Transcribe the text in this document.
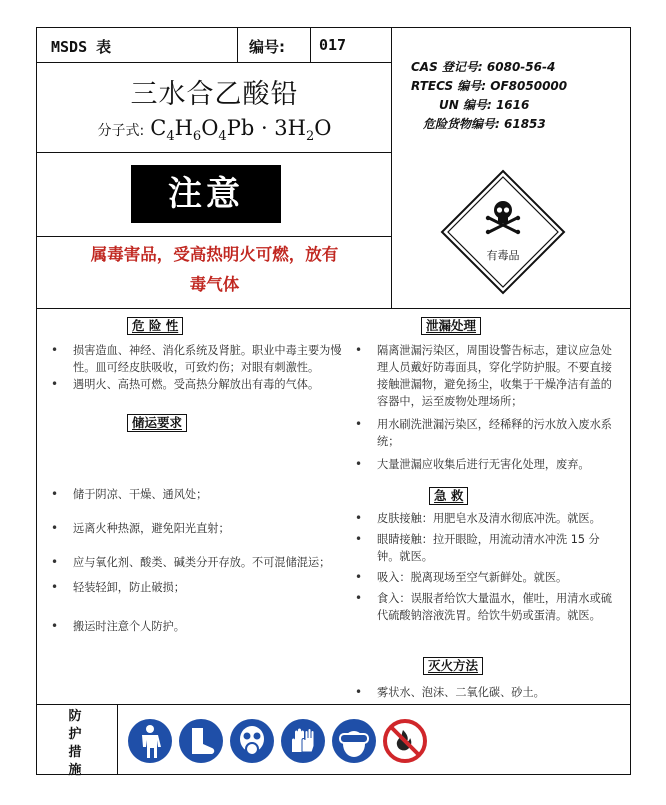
MSDS 表	编号: 017
三水合乙酸铅
分子式: $C_4H_6O_4Pb \cdot 3H_2O$
CAS 登记号: 6080-56-4
RTECS 编号: OF8050000
UN 编号: 1616
危险货物编号: 61853
注意
属毒害品，受高热明火可燃，放有
毒气体
有毒品
危 险 性
• 损害造血、神经、消化系统及肾脏。职业中毒主要为慢性。皿可经皮肤吸收，可致灼伤；对眼有刺激性。
• 遇明火、高热可燃。受高热分解放出有毒的气体。
储运要求
• 储于阴凉、干燥、通风处；
• 远离火种热源，避免阳光直射；
• 应与氧化剂、酸类、碱类分开存放。不可混储混运；
• 轻装轻卸，防止破损；
• 搬运时注意个人防护。
泄漏处理
• 隔离泄漏污染区，周围设警告标志，建议应急处理人员戴好防毒面具，穿化学防护服。不要直接接触泄漏物，避免扬尘，收集于干燥净洁有盖的容器中，运至废物处理场所；
• 用水刷洗泄漏污染区，经稀释的污水放入废水系统；
• 大量泄漏应收集后进行无害化处理，废弃。
急 救
• 皮肤接触：用肥皂水及清水彻底冲洗。就医。
• 眼睛接触：拉开眼睑，用流动清水冲洗 15 分钟。就医。
• 吸入：脱离现场至空气新鲜处。就医。
• 食入：误服者给饮大量温水，催吐，用清水或硫代硫酸钠溶液洗胃。给饮牛奶或蛋清。就医。
灭火方法
• 雾状水、泡沫、二氧化碳、砂土。
防
护
措
施
